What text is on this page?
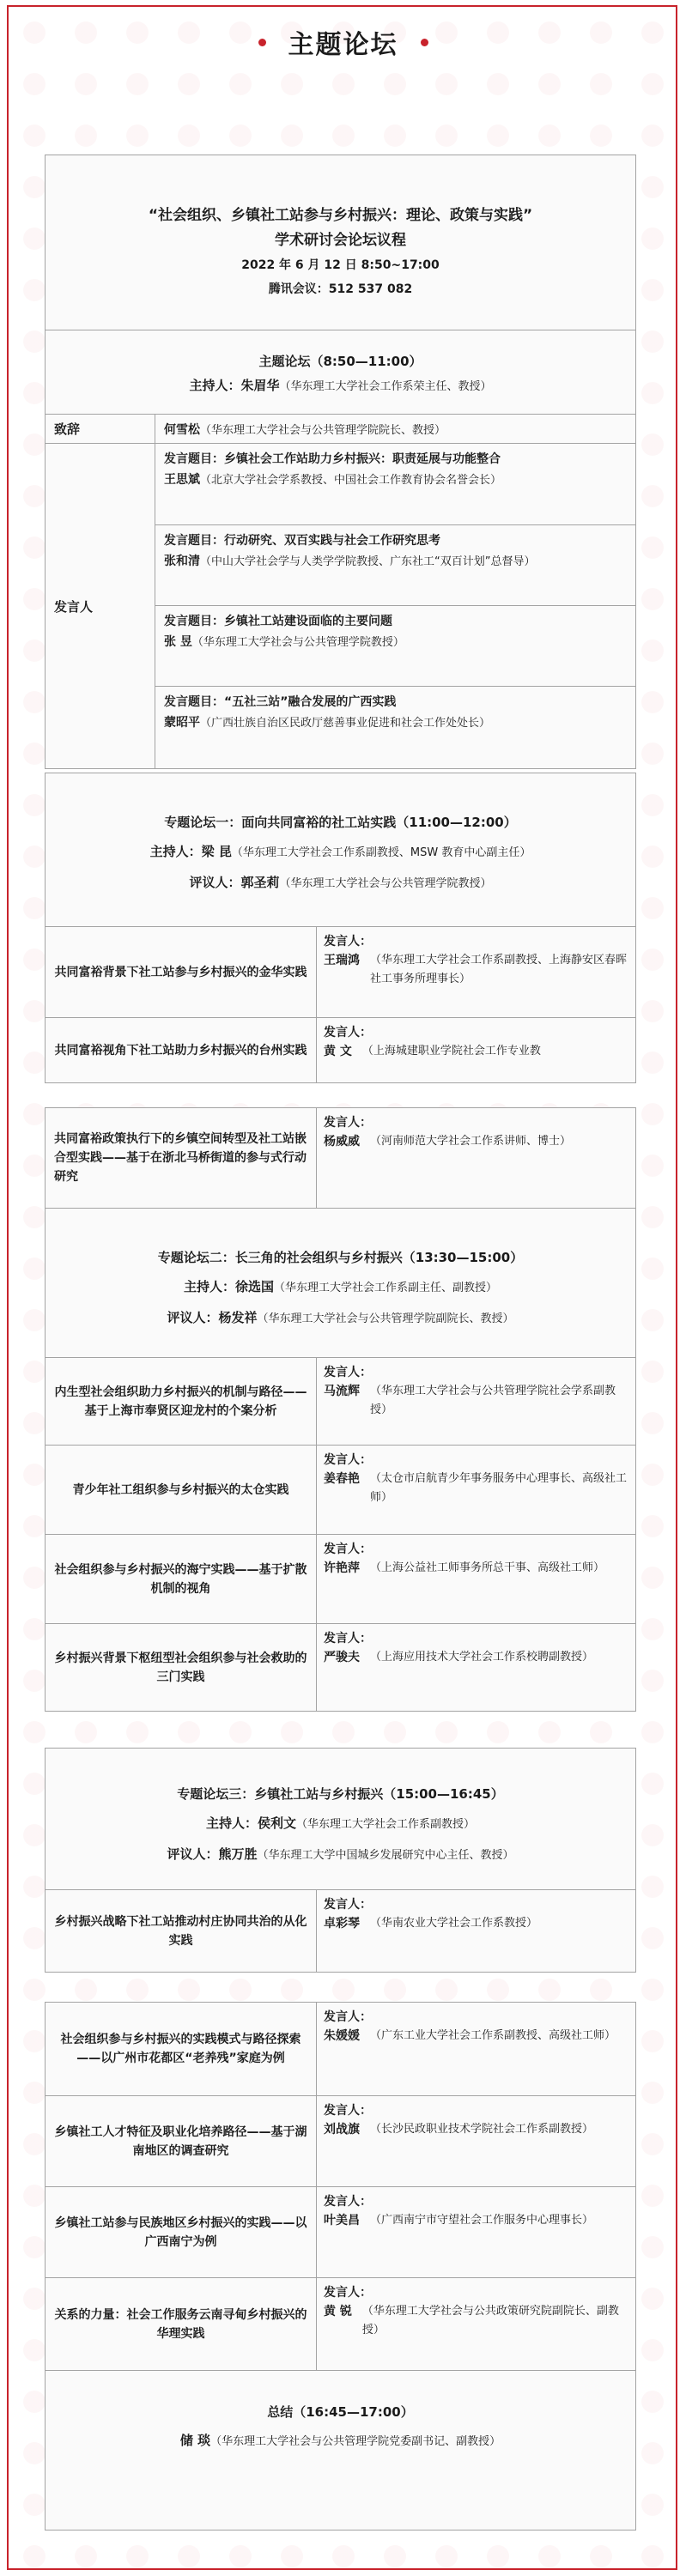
主题论坛
“社会组织、乡镇社工站参与乡村振兴：理论、政策与实践”
学术研讨会论坛议程
2022 年 6 月 12 日 8:50~17:00
腾讯会议：512 537 082
主题论坛（8:50—11:00）
主持人：朱眉华（华东理工大学社会工作系荣主任、教授）
致辞	何雪松 （华东理工大学社会与公共管理学院院长、教授）
发言人
发言题目：乡镇社会工作站助力乡村振兴：职责延展与功能整合
王思斌（北京大学社会学系教授、中国社会工作教育协会名誉会长）
发言题目：行动研究、双百实践与社会工作研究思考
张和清（中山大学社会学与人类学学院教授、广东社工“双百计划”总督导）
发言题目：乡镇社工站建设面临的主要问题
张 昱（华东理工大学社会与公共管理学院教授）
发言题目：“五社三站”融合发展的广西实践
蒙昭平（广西壮族自治区民政厅慈善事业促进和社会工作处处长）
专题论坛一：面向共同富裕的社工站实践（11:00—12:00）
主持人：梁 昆（华东理工大学社会工作系副教授、MSW 教育中心副主任）
评议人：郭圣莉（华东理工大学社会与公共管理学院教授）
共同富裕背景下社工站参与乡村振兴的金华实践
发言人：
王瑞鸿 （华东理工大学社会工作系副教授、上海静安区春晖社工事务所理事长）
共同富裕视角下社工站助力乡村振兴的台州实践
发言人：
黄 文 （上海城建职业学院社会工作专业教
共同富裕政策执行下的乡镇空间转型及社工站嵌合型实践——基于在浙北马桥街道的参与式行动研究
发言人：
杨威威 （河南师范大学社会工作系讲师、博士）
专题论坛二：长三角的社会组织与乡村振兴（13:30—15:00）
主持人：徐选国（华东理工大学社会工作系副主任、副教授）
评议人：杨发祥（华东理工大学社会与公共管理学院副院长、教授）
内生型社会组织助力乡村振兴的机制与路径——基于上海市奉贤区迎龙村的个案分析
发言人：
马流辉 （华东理工大学社会与公共管理学院社会学系副教授）
青少年社工组织参与乡村振兴的太仓实践
发言人：
姜春艳 （太仓市启航青少年事务服务中心理事长、高级社工师）
社会组织参与乡村振兴的海宁实践——基于扩散机制的视角
发言人：
许艳萍 （上海公益社工师事务所总干事、高级社工师）
乡村振兴背景下枢纽型社会组织参与社会救助的三门实践
发言人：
严骏夫 （上海应用技术大学社会工作系校聘副教授）
专题论坛三：乡镇社工站与乡村振兴（15:00—16:45）
主持人：侯利文（华东理工大学社会工作系副教授）
评议人：熊万胜（华东理工大学中国城乡发展研究中心主任、教授）
乡村振兴战略下社工站推动村庄协同共治的从化实践
发言人：
卓彩琴 （华南农业大学社会工作系教授）
社会组织参与乡村振兴的实践模式与路径探索——以广州市花都区“老养残”家庭为例
发言人：
朱媛媛 （广东工业大学社会工作系副教授、高级社工师）
乡镇社工人才特征及职业化培养路径——基于湖南地区的调查研究
发言人：
刘战旗 （长沙民政职业技术学院社会工作系副教授）
乡镇社工站参与民族地区乡村振兴的实践——以广西南宁为例
发言人：
叶美昌 （广西南宁市守望社会工作服务中心理事长）
关系的力量：社会工作服务云南寻甸乡村振兴的华理实践
发言人：
黄 锐 （华东理工大学社会与公共政策研究院副院长、副教授）
总结（16:45—17:00）
储 琰（华东理工大学社会与公共管理学院党委副书记、副教授）
